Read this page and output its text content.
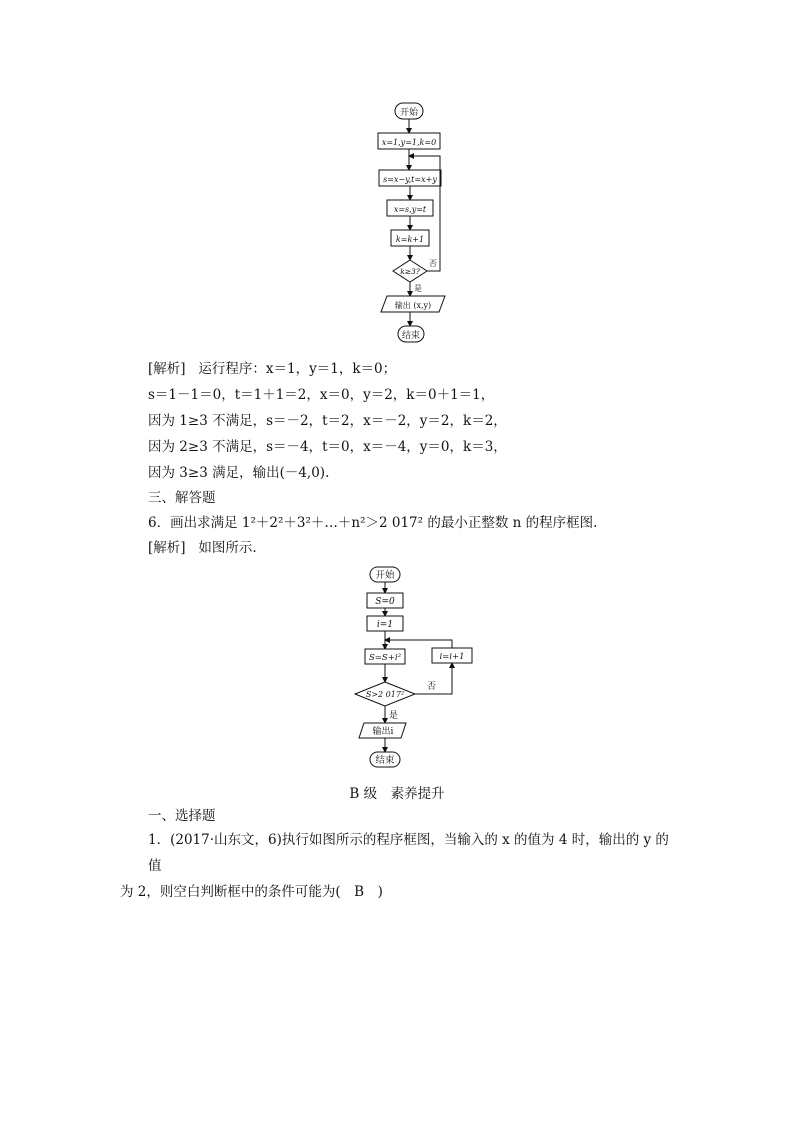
开始
x=1,y=1,k=0
s=x−y,t=x+y
x=s,y=t
k=k+1
k≥3?
否
是
输出 (x,y)
结束
[解析] 运行程序：x＝1，y＝1，k＝0；
s＝1－1＝0，t＝1＋1＝2，x＝0，y＝2，k＝0＋1＝1，
因为 1≥3 不满足，s＝－2，t＝2，x＝－2，y＝2，k＝2，
因为 2≥3 不满足，s＝－4，t＝0，x＝－4，y＝0，k＝3，
因为 3≥3 满足，输出(－4,0).
三、解答题
6．画出求满足 1²＋2²＋3²＋…＋n²＞2 017² 的最小正整数 n 的程序框图.
[解析] 如图所示.
开始
S=0
i=1
S=S+i²
S>2 017²
否
i=i+1
是
输出i
结束
B 级　素养提升
一、选择题
1．(2017·山东文，6)执行如图所示的程序框图，当输入的 x 的值为 4 时，输出的 y 的值
为 2，则空白判断框中的条件可能为(　B　)
